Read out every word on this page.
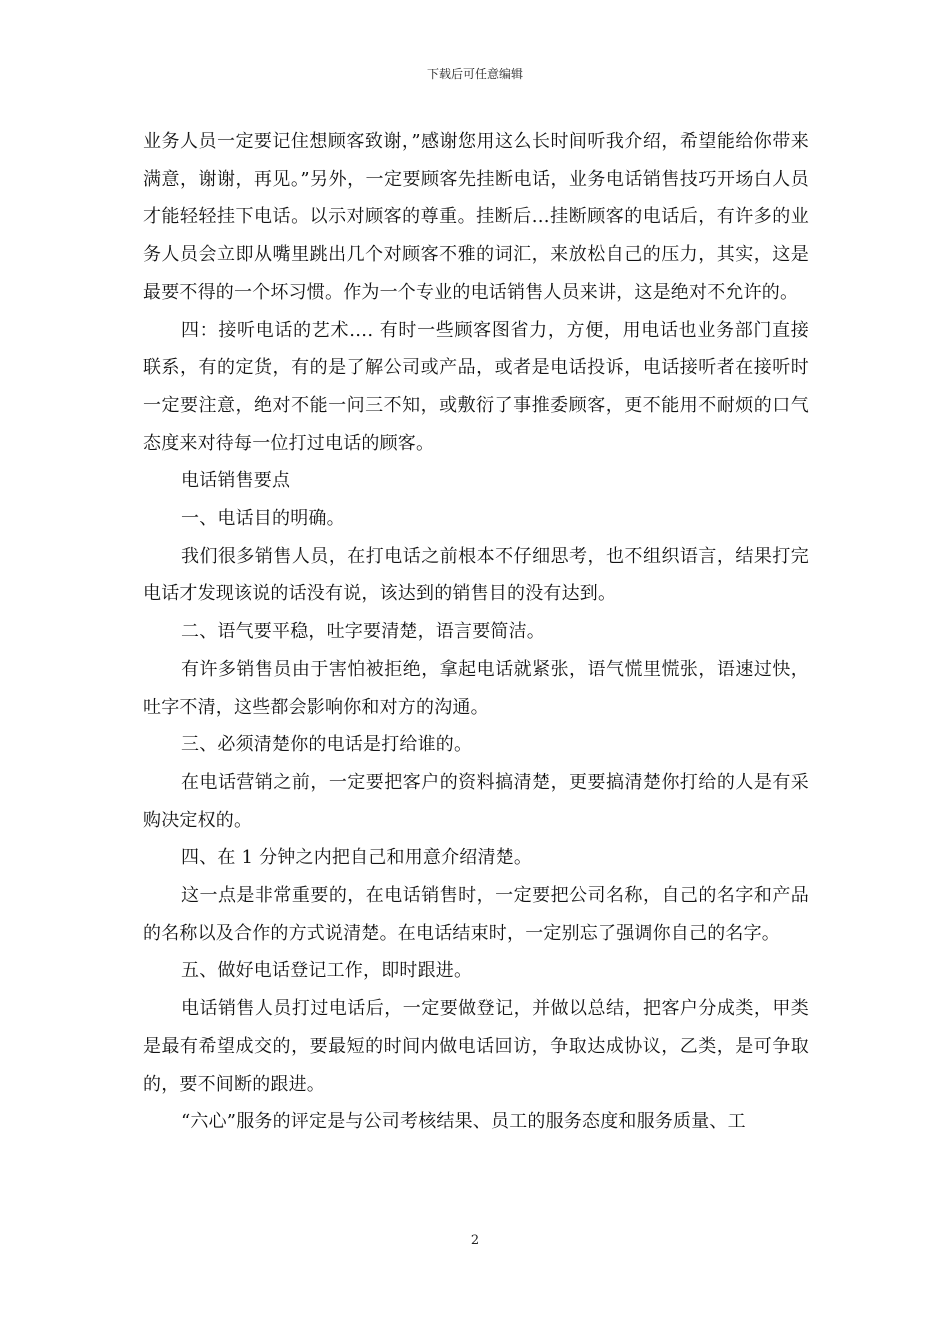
下载后可任意编辑

业务人员一定要记住想顾客致谢，”感谢您用这么长时间听我介绍，希望能给你带来满意，谢谢，再见。”另外，一定要顾客先挂断电话，业务电话销售技巧开场白人员才能轻轻挂下电话。以示对顾客的尊重。挂断后…挂断顾客的电话后，有许多的业务人员会立即从嘴里跳出几个对顾客不雅的词汇，来放松自己的压力，其实，这是最要不得的一个坏习惯。作为一个专业的电话销售人员来讲，这是绝对不允许的。

四：接听电话的艺术…. 有时一些顾客图省力，方便，用电话也业务部门直接联系，有的定货，有的是了解公司或产品，或者是电话投诉，电话接听者在接听时一定要注意，绝对不能一问三不知，或敷衍了事推委顾客，更不能用不耐烦的口气态度来对待每一位打过电话的顾客。

电话销售要点

一、电话目的明确。

我们很多销售人员，在打电话之前根本不仔细思考，也不组织语言，结果打完电话才发现该说的话没有说，该达到的销售目的没有达到。

二、语气要平稳，吐字要清楚，语言要简洁。

有许多销售员由于害怕被拒绝，拿起电话就紧张，语气慌里慌张，语速过快，吐字不清，这些都会影响你和对方的沟通。

三、必须清楚你的电话是打给谁的。

在电话营销之前，一定要把客户的资料搞清楚，更要搞清楚你打给的人是有采购决定权的。

四、在 1 分钟之内把自己和用意介绍清楚。

这一点是非常重要的，在电话销售时，一定要把公司名称，自己的名字和产品的名称以及合作的方式说清楚。在电话结束时，一定别忘了强调你自己的名字。

五、做好电话登记工作，即时跟进。

电话销售人员打过电话后，一定要做登记，并做以总结，把客户分成类，甲类是最有希望成交的，要最短的时间内做电话回访，争取达成协议，乙类，是可争取的，要不间断的跟进。

“六心”服务的评定是与公司考核结果、员工的服务态度和服务质量、工

2
